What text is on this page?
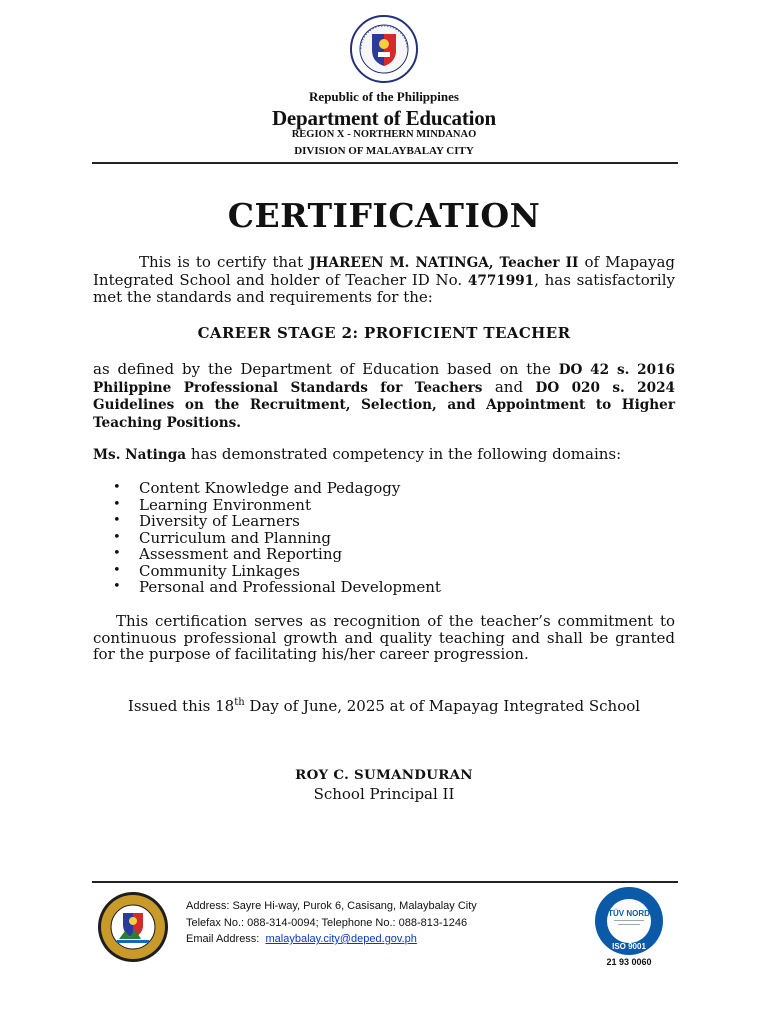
Republic of the Philippines
Department of Education
REGION X - NORTHERN MINDANAO
DIVISION OF MALAYBALAY CITY
CERTIFICATION
This is to certify that JHAREEN M. NATINGA, Teacher II of Mapayag Integrated School and holder of Teacher ID No. 4771991, has satisfactorily met the standards and requirements for the:
CAREER STAGE 2: PROFICIENT TEACHER
as defined by the Department of Education based on the DO 42 s. 2016 Philippine Professional Standards for Teachers and DO 020 s. 2024 Guidelines on the Recruitment, Selection, and Appointment to Higher Teaching Positions.
Ms. Natinga has demonstrated competency in the following domains:
• Content Knowledge and Pedagogy
• Learning Environment
• Diversity of Learners
• Curriculum and Planning
• Assessment and Reporting
• Community Linkages
• Personal and Professional Development
This certification serves as recognition of the teacher’s commitment to continuous professional growth and quality teaching and shall be granted for the purpose of facilitating his/her career progression.
Issued this 18th Day of June, 2025 at of Mapayag Integrated School
ROY C. SUMANDURAN
School Principal II
Address: Sayre Hi-way, Purok 6, Casisang, Malaybalay City
Telefax No.: 088-314-0094; Telephone No.: 088-813-1246
Email Address: malaybalay.city@deped.gov.ph
TÜV NORD
ISO 9001
21 93 0060
